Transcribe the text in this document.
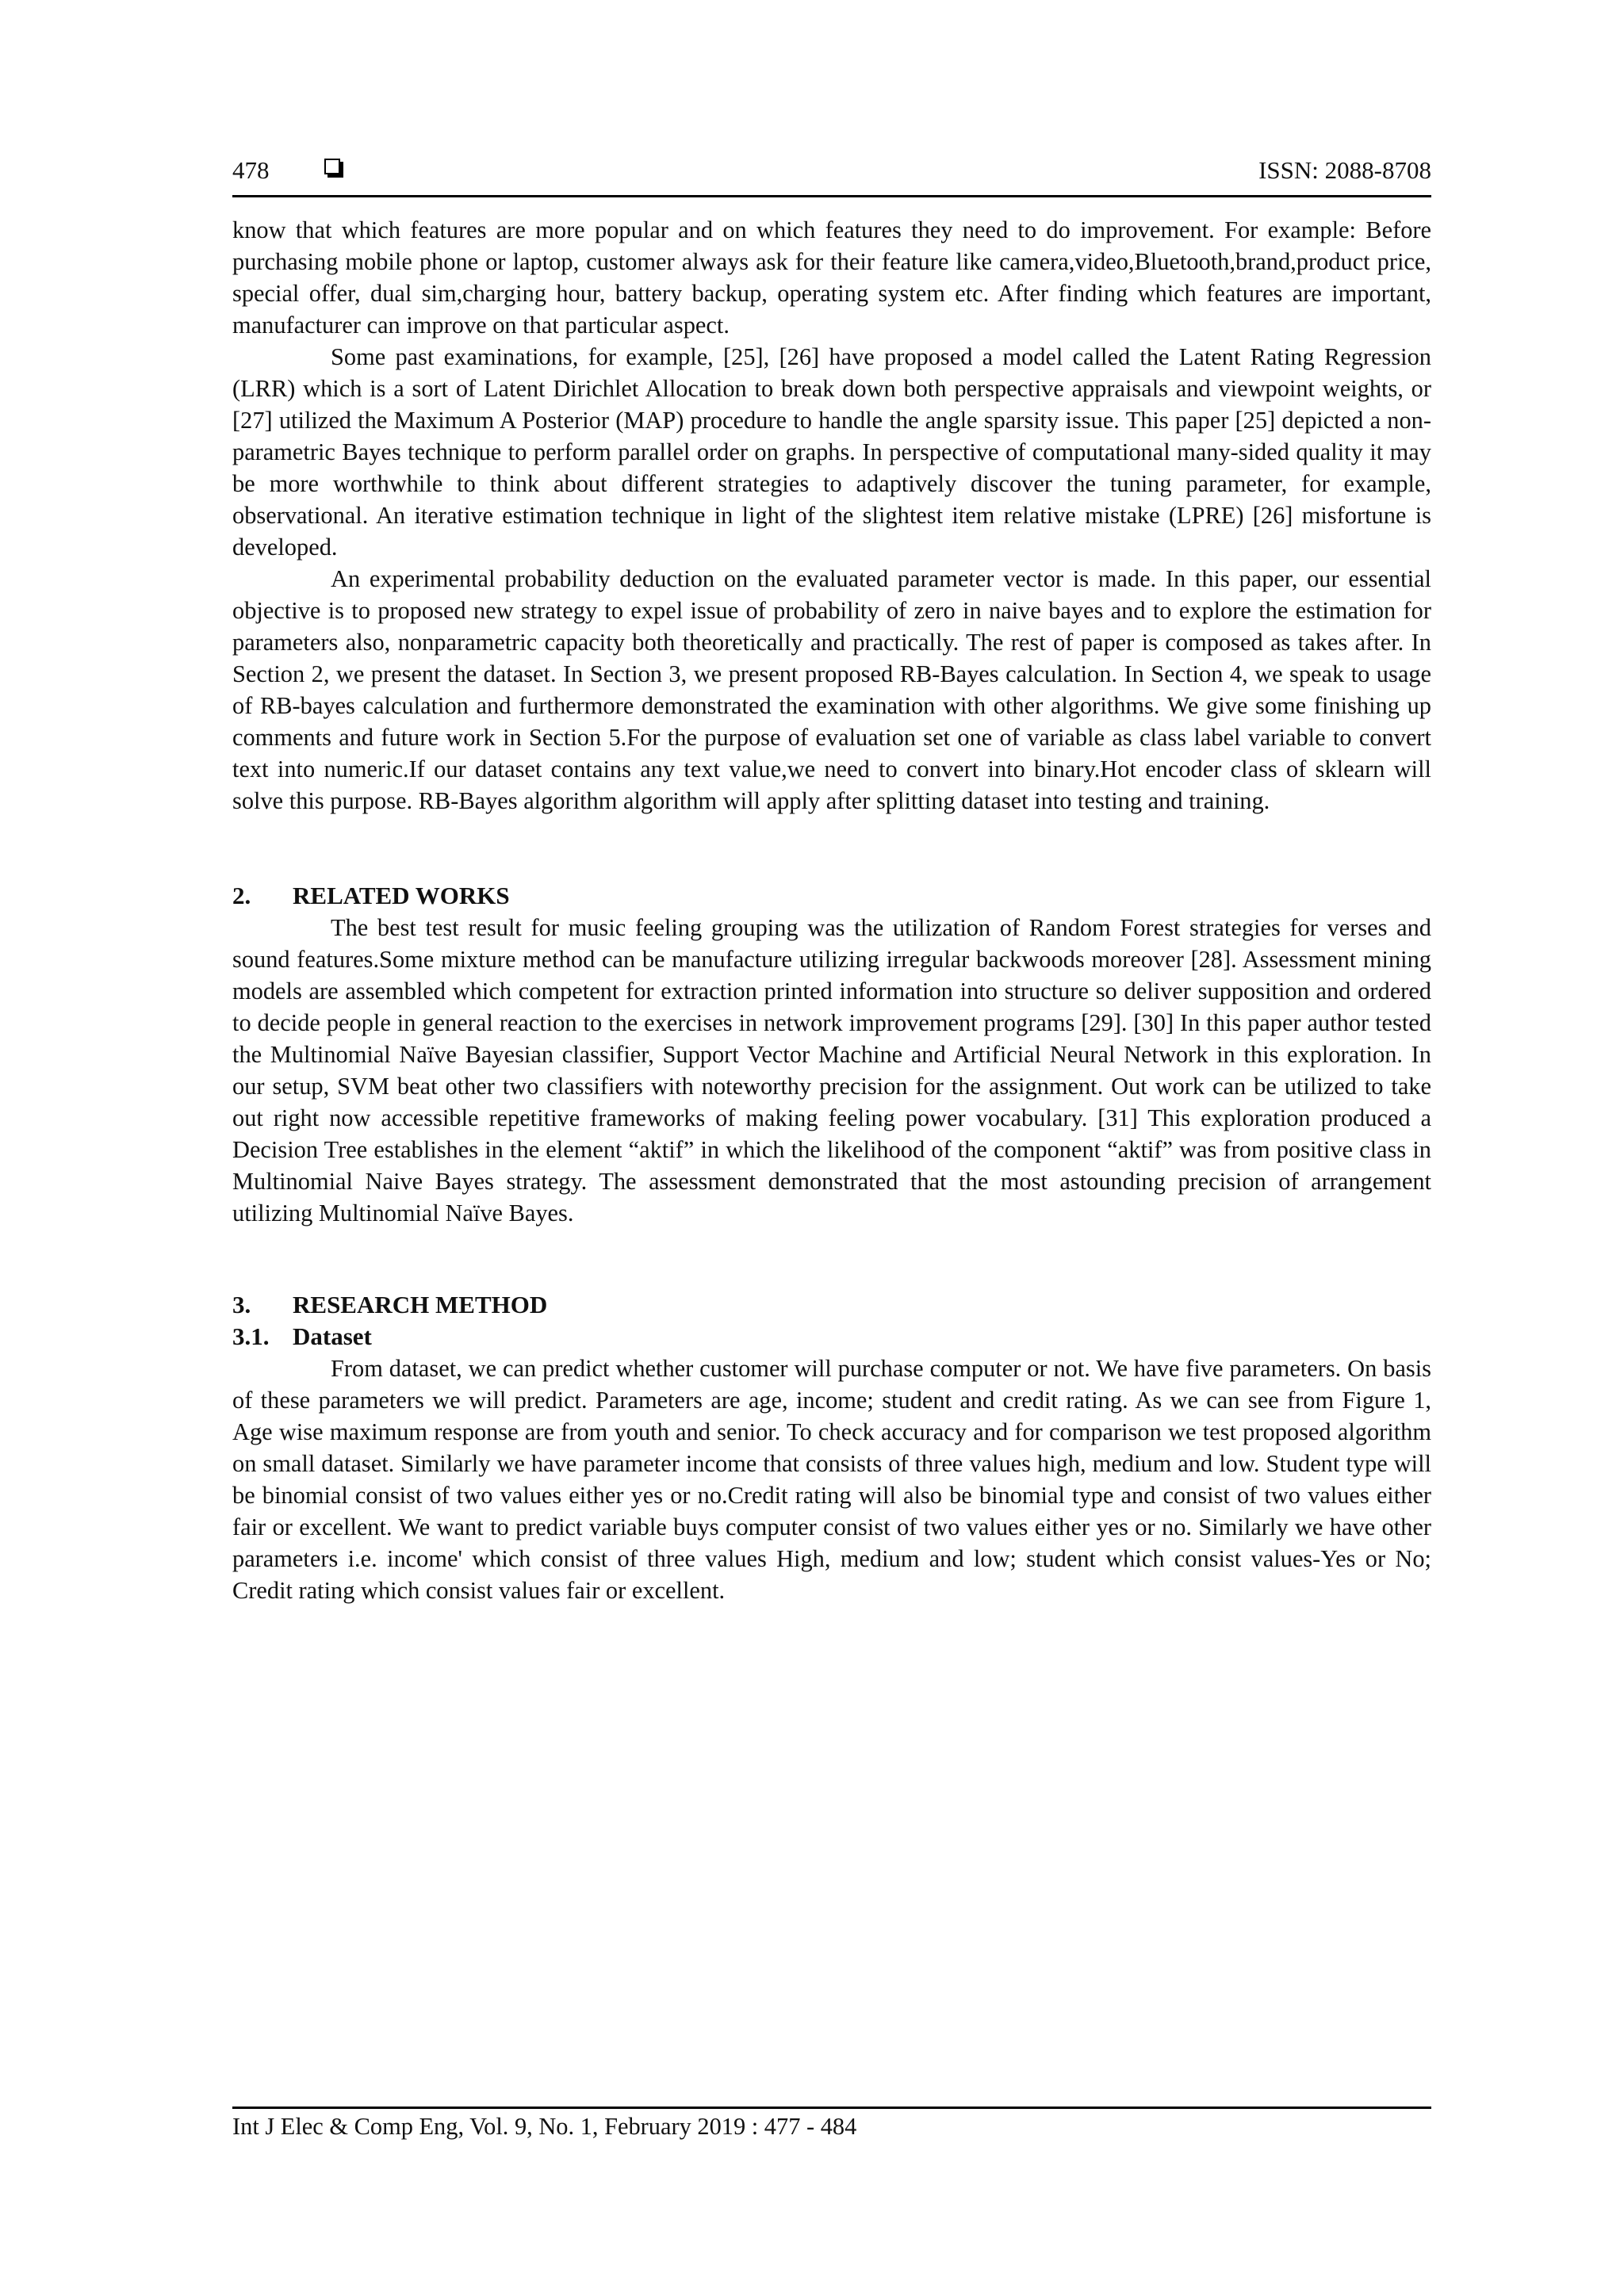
478	ISSN: 2088-8708

know that which features are more popular and on which features they need to do improvement. For example: Before purchasing mobile phone or laptop, customer always ask for their feature like camera,video,Bluetooth,brand,product price, special offer, dual sim,charging hour, battery backup, operating system etc. After finding which features are important, manufacturer can improve on that particular aspect.

Some past examinations, for example, [25], [26] have proposed a model called the Latent Rating Regression (LRR) which is a sort of Latent Dirichlet Allocation to break down both perspective appraisals and viewpoint weights, or [27] utilized the Maximum A Posterior (MAP) procedure to handle the angle sparsity issue. This paper [25] depicted a non-parametric Bayes technique to perform parallel order on graphs. In perspective of computational many-sided quality it may be more worthwhile to think about different strategies to adaptively discover the tuning parameter, for example, observational. An iterative estimation technique in light of the slightest item relative mistake (LPRE) [26] misfortune is developed.

An experimental probability deduction on the evaluated parameter vector is made. In this paper, our essential objective is to proposed new strategy to expel issue of probability of zero in naive bayes and to explore the estimation for parameters also, nonparametric capacity both theoretically and practically. The rest of paper is composed as takes after. In Section 2, we present the dataset. In Section 3, we present proposed RB-Bayes calculation. In Section 4, we speak to usage of RB-bayes calculation and furthermore demonstrated the examination with other algorithms. We give some finishing up comments and future work in Section 5.For the purpose of evaluation set one of variable as class label variable to convert text into numeric.If our dataset contains any text value,we need to convert into binary.Hot encoder class of sklearn will solve this purpose. RB-Bayes algorithm algorithm will apply after splitting dataset into testing and training.

2. RELATED WORKS

The best test result for music feeling grouping was the utilization of Random Forest strategies for verses and sound features.Some mixture method can be manufacture utilizing irregular backwoods moreover [28]. Assessment mining models are assembled which competent for extraction printed information into structure so deliver supposition and ordered to decide people in general reaction to the exercises in network improvement programs [29]. [30] In this paper author tested the Multinomial Naïve Bayesian classifier, Support Vector Machine and Artificial Neural Network in this exploration. In our setup, SVM beat other two classifiers with noteworthy precision for the assignment. Out work can be utilized to take out right now accessible repetitive frameworks of making feeling power vocabulary. [31] This exploration produced a Decision Tree establishes in the element “aktif” in which the likelihood of the component “aktif” was from positive class in Multinomial Naive Bayes strategy. The assessment demonstrated that the most astounding precision of arrangement utilizing Multinomial Naïve Bayes.

3. RESEARCH METHOD
3.1. Dataset

From dataset, we can predict whether customer will purchase computer or not. We have five parameters. On basis of these parameters we will predict. Parameters are age, income; student and credit rating. As we can see from Figure 1, Age wise maximum response are from youth and senior. To check accuracy and for comparison we test proposed algorithm on small dataset. Similarly we have parameter income that consists of three values high, medium and low. Student type will be binomial consist of two values either yes or no.Credit rating will also be binomial type and consist of two values either fair or excellent. We want to predict variable buys computer consist of two values either yes or no. Similarly we have other parameters i.e. income' which consist of three values High, medium and low; student which consist values-Yes or No; Credit rating which consist values fair or excellent.

Int J Elec & Comp Eng, Vol. 9, No. 1, February 2019 : 477 - 484
